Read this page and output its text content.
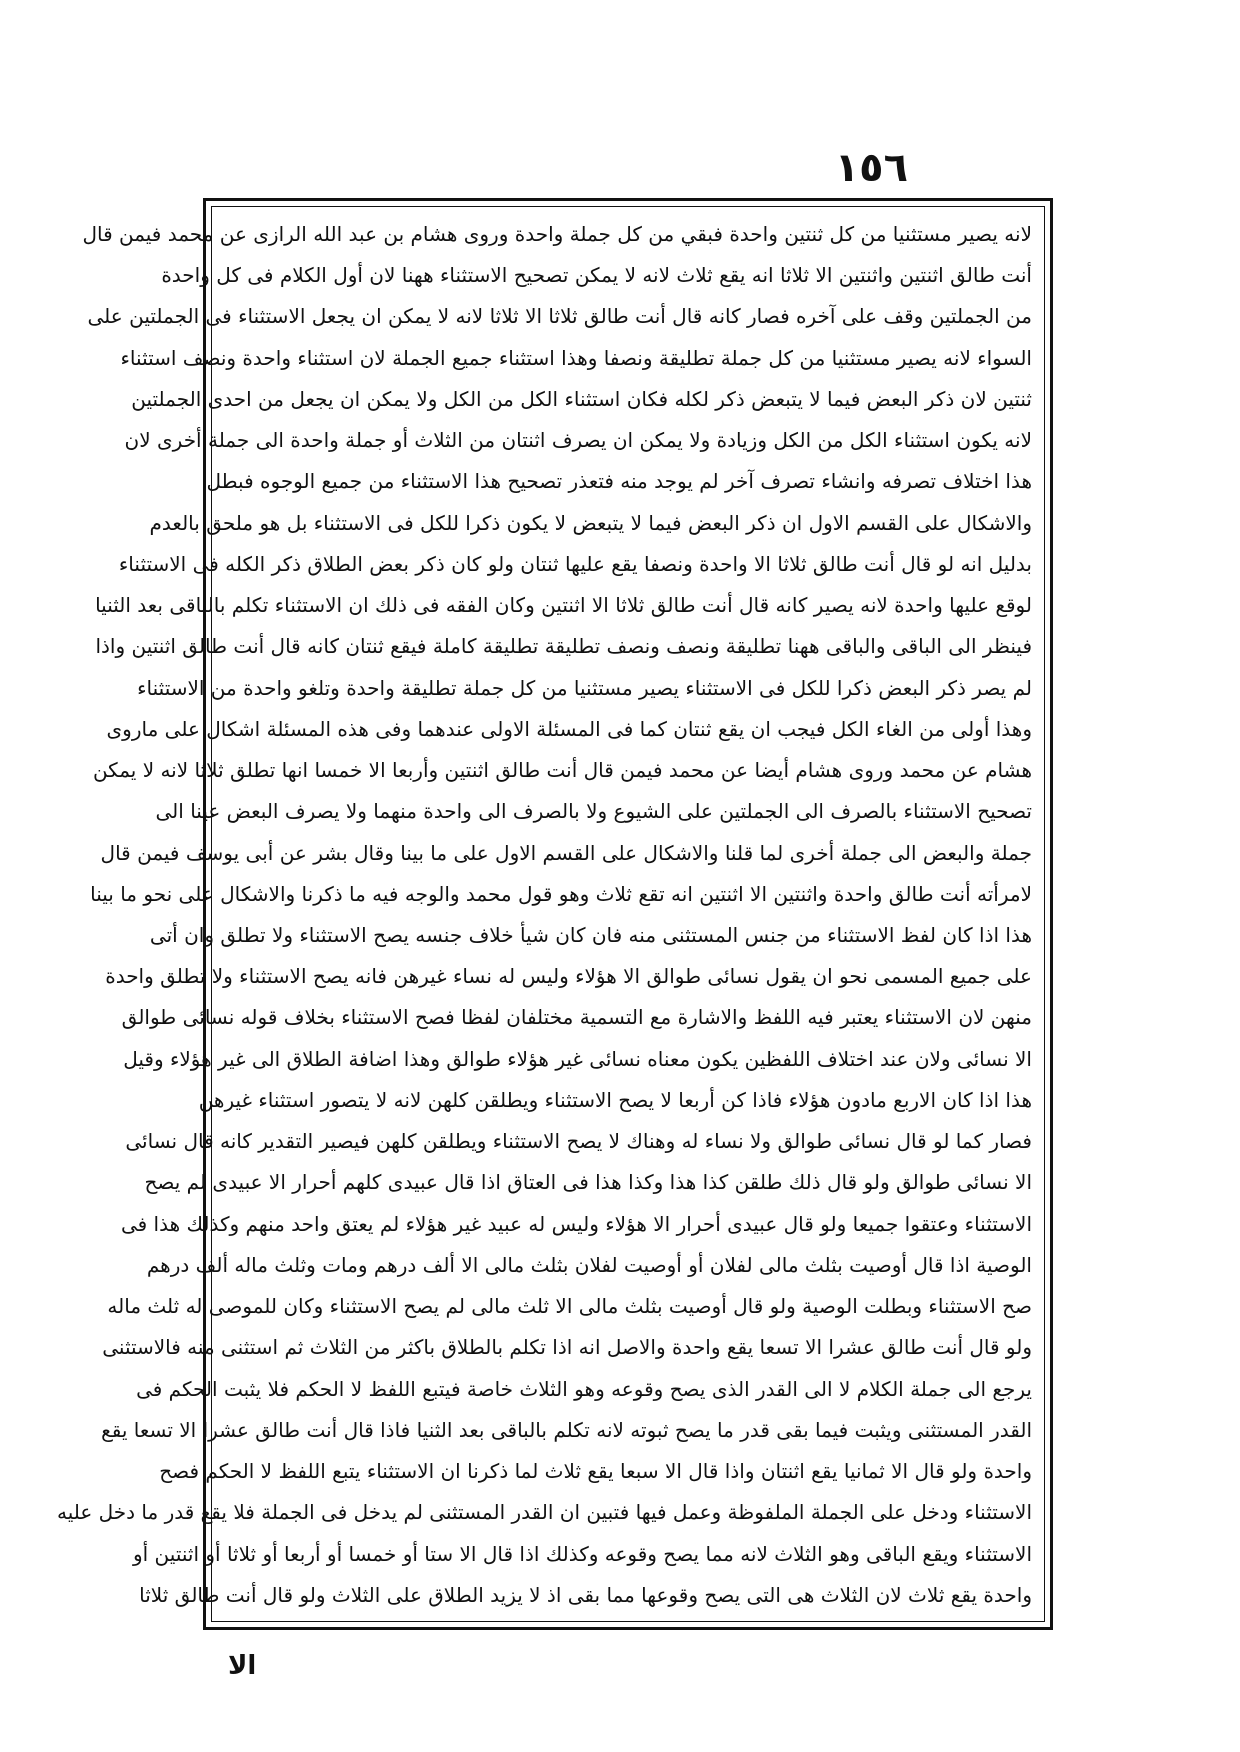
١٥٦
لانه يصير مستثنيا من كل ثنتين واحدة فبقي من كل جملة واحدة وروى هشام بن عبد الله الرازى عن محمد فيمن قال
أنت طالق اثنتين واثنتين الا ثلاثا انه يقع ثلاث لانه لا يمكن تصحيح الاستثناء ههنا لان أول الكلام فى كل واحدة
من الجملتين وقف على آخره فصار كانه قال أنت طالق ثلاثا الا ثلاثا لانه لا يمكن ان يجعل الاستثناء فى الجملتين على
السواء لانه يصير مستثنيا من كل جملة تطليقة ونصفا وهذا استثناء جميع الجملة لان استثناء واحدة ونصف استثناء
ثنتين لان ذكر البعض فيما لا يتبعض ذكر لكله فكان استثناء الكل من الكل ولا يمكن ان يجعل من احدى الجملتين
لانه يكون استثناء الكل من الكل وزيادة ولا يمكن ان يصرف اثنتان من الثلاث أو جملة واحدة الى جملة أخرى لان
هذا اختلاف تصرفه وانشاء تصرف آخر لم يوجد منه فتعذر تصحيح هذا الاستثناء من جميع الوجوه فبطل
والاشكال على القسم الاول ان ذكر البعض فيما لا يتبعض لا يكون ذكرا للكل فى الاستثناء بل هو ملحق بالعدم
بدليل انه لو قال أنت طالق ثلاثا الا واحدة ونصفا يقع عليها ثنتان ولو كان ذكر بعض الطلاق ذكر الكله فى الاستثناء
لوقع عليها واحدة لانه يصير كانه قال أنت طالق ثلاثا الا اثنتين وكان الفقه فى ذلك ان الاستثناء تكلم بالباقى بعد الثنيا
فينظر الى الباقى والباقى ههنا تطليقة ونصف ونصف تطليقة تطليقة كاملة فيقع ثنتان كانه قال أنت طالق اثنتين واذا
لم يصر ذكر البعض ذكرا للكل فى الاستثناء يصير مستثنيا من كل جملة تطليقة واحدة وتلغو واحدة من الاستثناء
وهذا أولى من الغاء الكل فيجب ان يقع ثنتان كما فى المسئلة الاولى عندهما وفى هذه المسئلة اشكال على ماروى
هشام عن محمد وروى هشام أيضا عن محمد فيمن قال أنت طالق اثنتين وأربعا الا خمسا انها تطلق ثلاثا لانه لا يمكن
تصحيح الاستثناء بالصرف الى الجملتين على الشيوع ولا بالصرف الى واحدة منهما ولا يصرف البعض عينا الى
جملة والبعض الى جملة أخرى لما قلنا والاشكال على القسم الاول على ما بينا وقال بشر عن أبى يوسف فيمن قال
لامرأته أنت طالق واحدة واثنتين الا اثنتين انه تقع ثلاث وهو قول محمد والوجه فيه ما ذكرنا والاشكال على نحو ما بينا
هذا اذا كان لفظ الاستثناء من جنس المستثنى منه فان كان شيأ خلاف جنسه يصح الاستثناء ولا تطلق وان أتى
على جميع المسمى نحو ان يقول نسائى طوالق الا هؤلاء وليس له نساء غيرهن فانه يصح الاستثناء ولا تطلق واحدة
منهن لان الاستثناء يعتبر فيه اللفظ والاشارة مع التسمية مختلفان لفظا فصح الاستثناء بخلاف قوله نسائى طوالق
الا نسائى ولان عند اختلاف اللفظين يكون معناه نسائى غير هؤلاء طوالق وهذا اضافة الطلاق الى غير هؤلاء وقيل
هذا اذا كان الاربع مادون هؤلاء فاذا كن أربعا لا يصح الاستثناء ويطلقن كلهن لانه لا يتصور استثناء غيرهن
فصار كما لو قال نسائى طوالق ولا نساء له وهناك لا يصح الاستثناء ويطلقن كلهن فيصير التقدير كانه قال نسائى
الا نسائى طوالق ولو قال ذلك طلقن كذا هذا وكذا هذا فى العتاق اذا قال عبيدى كلهم أحرار الا عبيدى لم يصح
الاستثناء وعتقوا جميعا ولو قال عبيدى أحرار الا هؤلاء وليس له عبيد غير هؤلاء لم يعتق واحد منهم وكذلك هذا فى
الوصية اذا قال أوصيت بثلث مالى لفلان أو أوصيت لفلان بثلث مالى الا ألف درهم ومات وثلث ماله ألف درهم
صح الاستثناء وبطلت الوصية ولو قال أوصيت بثلث مالى الا ثلث مالى لم يصح الاستثناء وكان للموصى له ثلث ماله
ولو قال أنت طالق عشرا الا تسعا يقع واحدة والاصل انه اذا تكلم بالطلاق باكثر من الثلاث ثم استثنى منه فالاستثنى
يرجع الى جملة الكلام لا الى القدر الذى يصح وقوعه وهو الثلاث خاصة فيتبع اللفظ لا الحكم فلا يثبت الحكم فى
القدر المستثنى ويثبت فيما بقى قدر ما يصح ثبوته لانه تكلم بالباقى بعد الثنيا فاذا قال أنت طالق عشرا الا تسعا يقع
واحدة ولو قال الا ثمانيا يقع اثنتان واذا قال الا سبعا يقع ثلاث لما ذكرنا ان الاستثناء يتبع اللفظ لا الحكم فصح
الاستثناء ودخل على الجملة الملفوظة وعمل فيها فتبين ان القدر المستثنى لم يدخل فى الجملة فلا يقع قدر ما دخل عليه
الاستثناء ويقع الباقى وهو الثلاث لانه مما يصح وقوعه وكذلك اذا قال الا ستا أو خمسا أو أربعا أو ثلاثا أو اثنتين أو
واحدة يقع ثلاث لان الثلاث هى التى يصح وقوعها مما بقى اذ لا يزيد الطلاق على الثلاث ولو قال أنت طالق ثلاثا
الا
